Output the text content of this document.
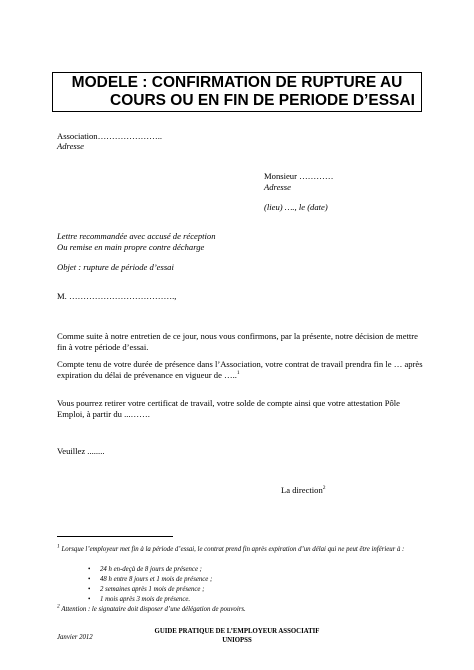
MODELE : CONFIRMATION DE RUPTURE AU
COURS OU EN FIN DE PERIODE D’ESSAI
Association…………………..
Adresse
Monsieur …………
Adresse
(lieu) …., le (date)
Lettre recommandée avec accusé de réception
Ou remise en main propre contre décharge
Objet : rupture de période d’essai
M. ……………………………….,
Comme suite à notre entretien de ce jour, nous vous confirmons, par la présente, notre décision de mettre fin à votre période d’essai.
Compte tenu de votre durée de présence dans l’Association, votre contrat de travail prendra fin le … après expiration du délai de prévenance en vigueur de …..$^1$
Vous pourrez retirer votre certificat de travail, votre solde de compte ainsi que votre attestation Pôle Emploi, à partir du ...…….
Veuillez ........
La direction$^2$
$^1$ Lorsque l’employeur met fin à la période d’essai, le contrat prend fin après expiration d’un délai qui ne peut être inférieur à :
• 24 h en-deçà de 8 jours de présence ;
• 48 h entre 8 jours et 1 mois de présence ;
• 2 semaines après 1 mois de présence ;
• 1 mois après 3 mois de présence.
$^2$ Attention : le signataire doit disposer d’une délégation de pouvoirs.
Janvier 2012
GUIDE PRATIQUE DE L’EMPLOYEUR ASSOCIATIF
UNIOPSS
